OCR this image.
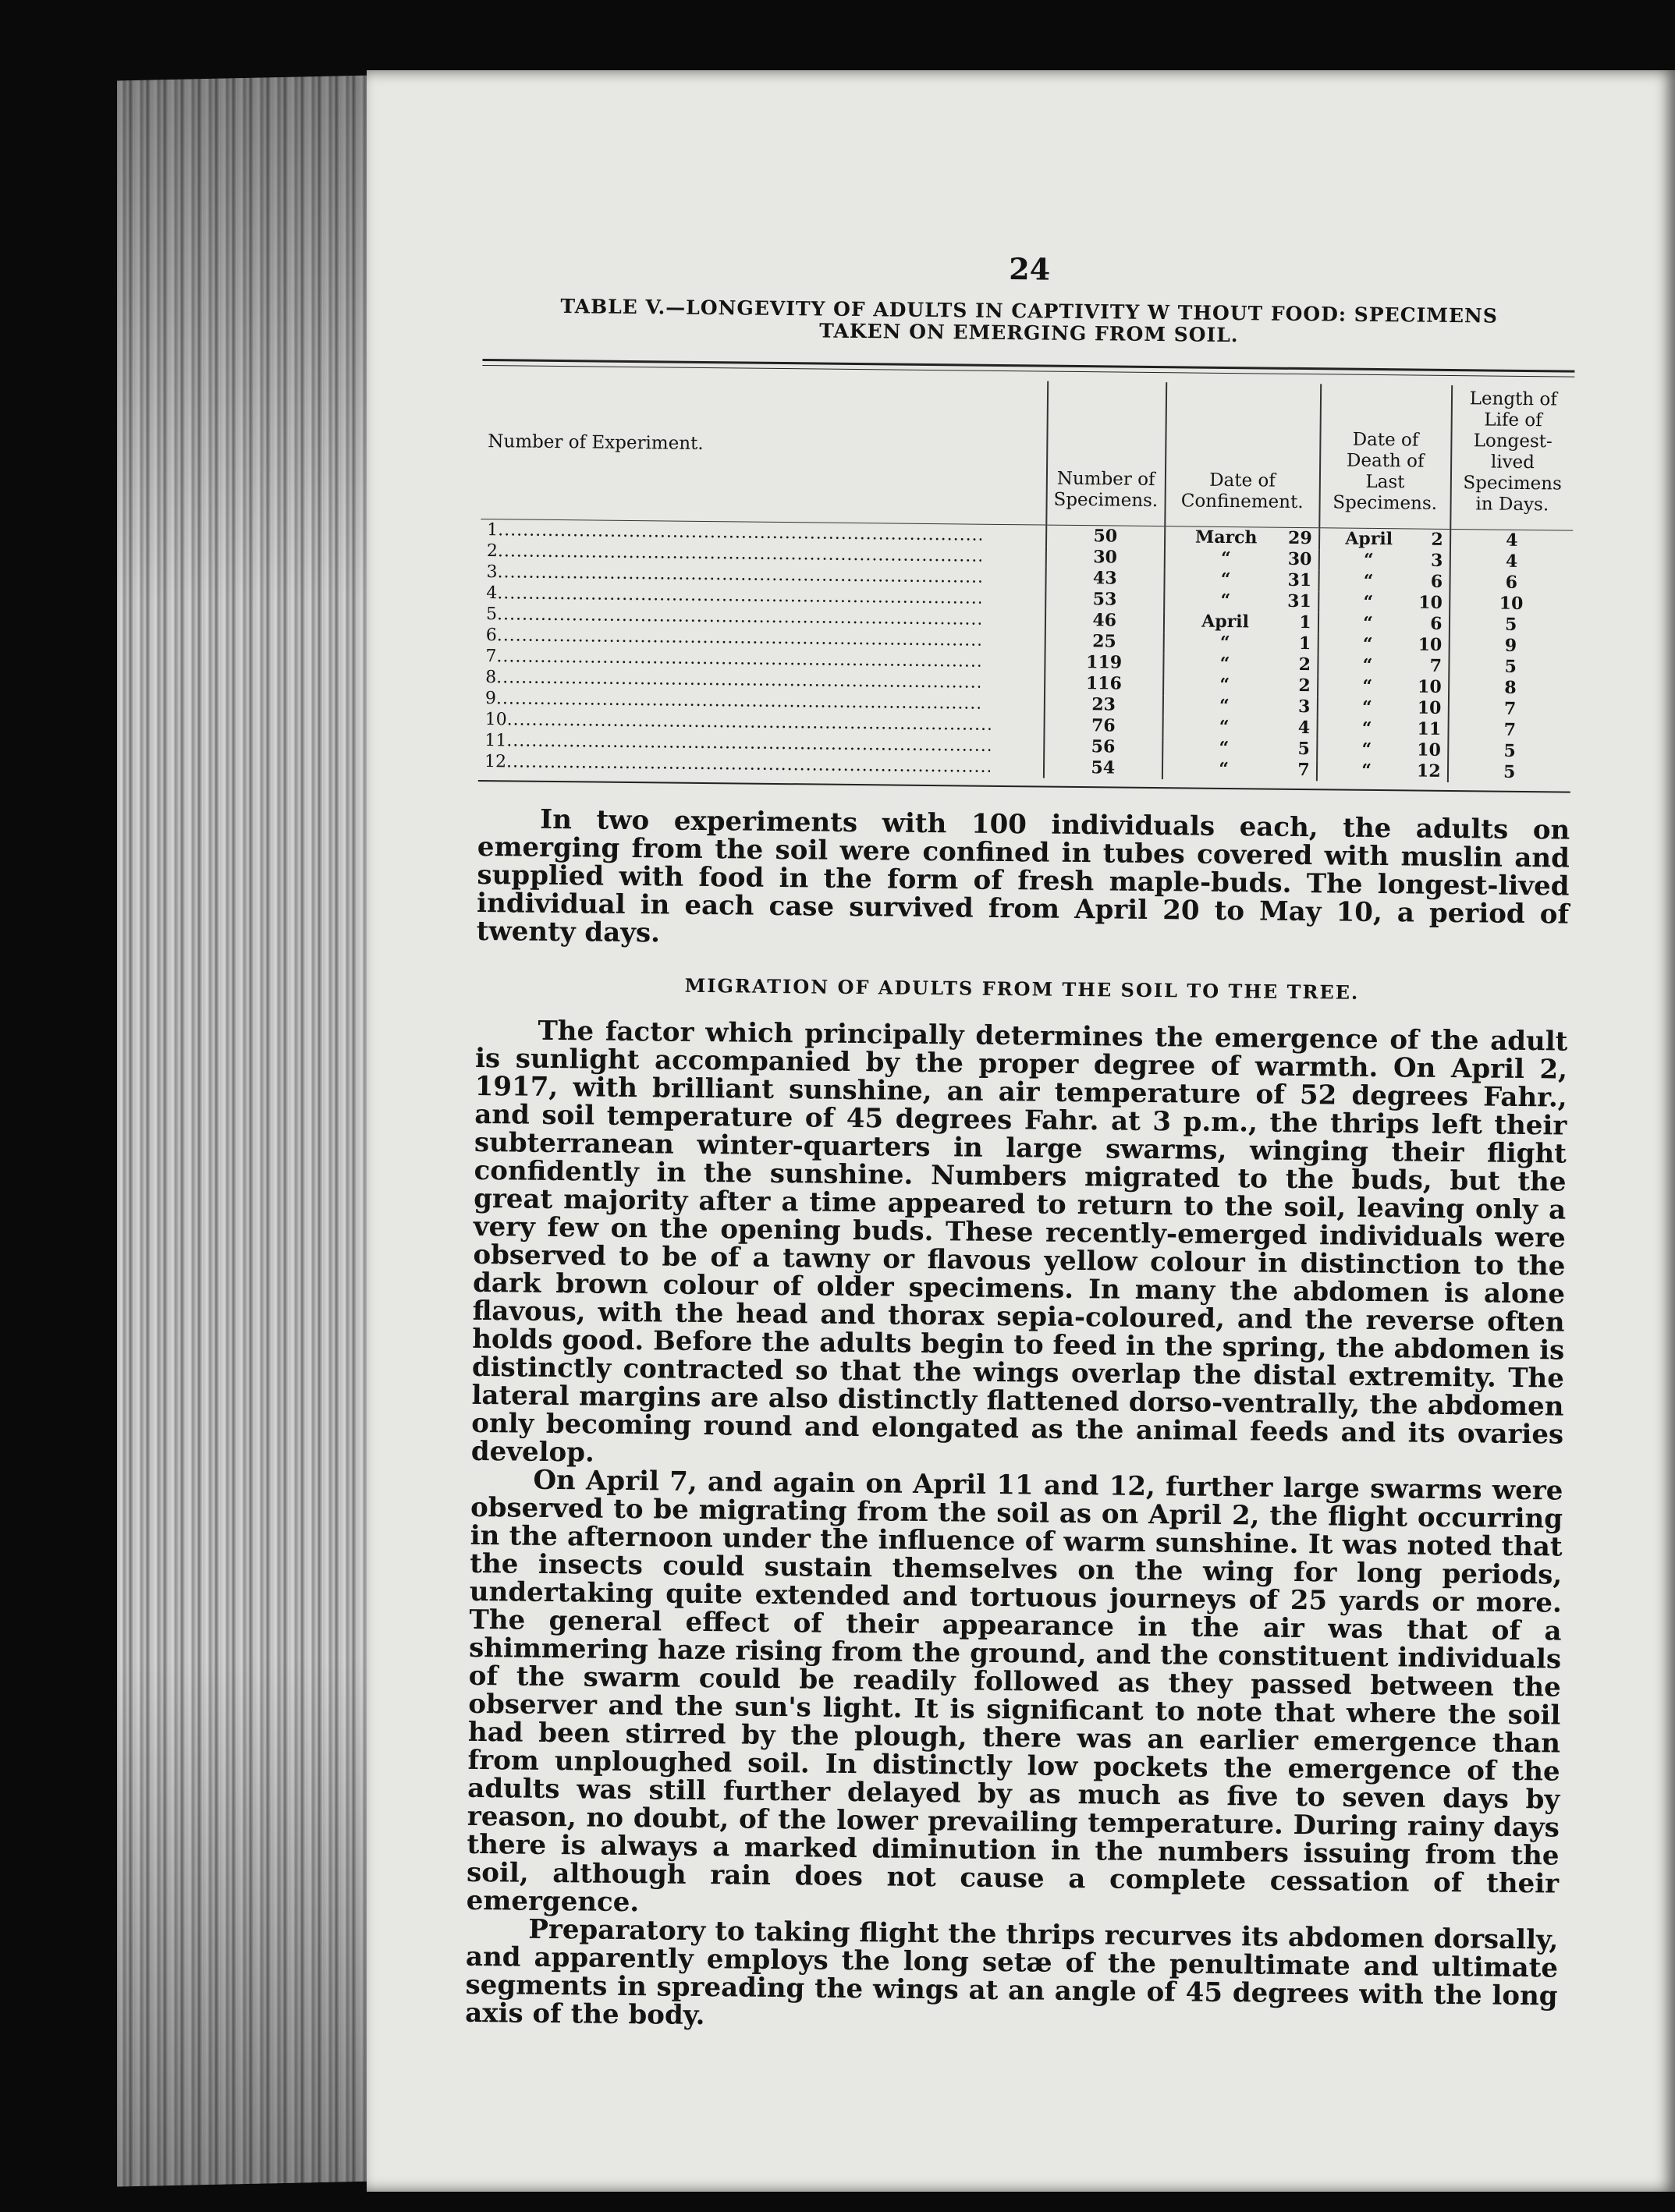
24
TABLE V.—LONGEVITY OF ADULTS IN CAPTIVITY W THOUT FOOD: SPECIMENS
TAKEN ON EMERGING FROM SOIL.
Number of Experiment.	Number of Specimens.	Date of Confinement.	Date of Death of Last Specimens.	Length of Life of Longest-lived Specimens in Days.
1.....	50	March 29	April 2	4
2.....	30	“ 30	“ 3	4
3.....	43	“ 31	“ 6	6
4.....	53	“ 31	“ 10	10
5.....	46	April 1	“ 6	5
6.....	25	“ 1	“ 10	9
7.....	119	“ 2	“ 7	5
8.....	116	“ 2	“ 10	8
9.....	23	“ 3	“ 10	7
10.....	76	“ 4	“ 11	7
11.....	56	“ 5	“ 10	5
12.....	54	“ 7	“ 12	5

In two experiments with 100 individuals each, the adults on emerging from the soil were confined in tubes covered with muslin and supplied with food in the form of fresh maple-buds. The longest-lived individual in each case survived from April 20 to May 10, a period of twenty days.

MIGRATION OF ADULTS FROM THE SOIL TO THE TREE.

The factor which principally determines the emergence of the adult is sunlight accompanied by the proper degree of warmth. On April 2, 1917, with brilliant sunshine, an air temperature of 52 degrees Fahr., and soil temperature of 45 degrees Fahr. at 3 p.m., the thrips left their subterranean winter-quarters in large swarms, winging their flight confidently in the sunshine. Numbers migrated to the buds, but the great majority after a time appeared to return to the soil, leaving only a very few on the opening buds. These recently-emerged individuals were observed to be of a tawny or flavous yellow colour in distinction to the dark brown colour of older specimens. In many the abdomen is alone flavous, with the head and thorax sepia-coloured, and the reverse often holds good. Before the adults begin to feed in the spring, the abdomen is distinctly contracted so that the wings overlap the distal extremity. The lateral margins are also distinctly flattened dorso-ventrally, the abdomen only becoming round and elongated as the animal feeds and its ovaries develop.

On April 7, and again on April 11 and 12, further large swarms were observed to be migrating from the soil as on April 2, the flight occurring in the afternoon under the influence of warm sunshine. It was noted that the insects could sustain themselves on the wing for long periods, undertaking quite extended and tortuous journeys of 25 yards or more. The general effect of their appearance in the air was that of a shimmering haze rising from the ground, and the constituent individuals of the swarm could be readily followed as they passed between the observer and the sun's light. It is significant to note that where the soil had been stirred by the plough, there was an earlier emergence than from unploughed soil. In distinctly low pockets the emergence of the adults was still further delayed by as much as five to seven days by reason, no doubt, of the lower prevailing temperature. During rainy days there is always a marked diminution in the numbers issuing from the soil, although rain does not cause a complete cessation of their emergence.

Preparatory to taking flight the thrips recurves its abdomen dorsally, and apparently employs the long setæ of the penultimate and ultimate segments in spreading the wings at an angle of 45 degrees with the long axis of the body.
